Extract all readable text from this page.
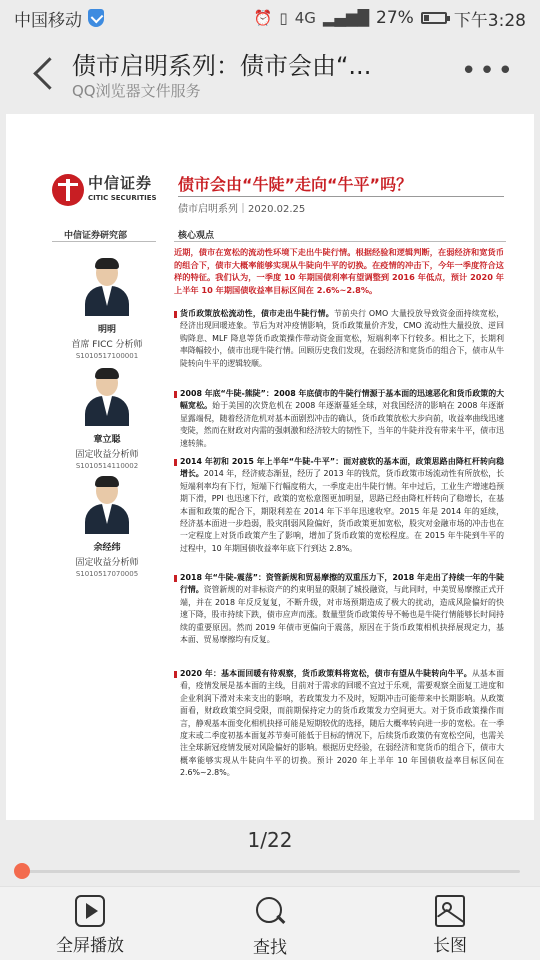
中国移动	⏰ ▯ 4G ▂▄▆█ 27% 下午3:28
债市启明系列：债市会由“...
QQ浏览器文件服务
•••
中信证券
CITIC SECURITIES
债市会由“牛陡”走向“牛平”吗？
债市启明系列｜2020.02.25
中信证券研究部	核心观点
明明
首席 FICC 分析师
S1010517100001
章立聪
固定收益分析师
S1010514110002
余经纬
固定收益分析师
S1010517070005
近期，债市在宽松的流动性环境下走出牛陡行情。根据经验和逻辑判断，在弱经济和宽货币的组合下，债市大概率能够实现从牛陡向牛平的切换。在疫情的冲击下，今年一季度符合这样的特征。我们认为，一季度 10 年期国债利率有望调整到 2016 年低点，预计 2020 年上半年 10 年期国债收益率目标区间在 2.6%~2.8%。
货币政策放松流动性，债市走出牛陡行情。节前央行 OMO 大量投放导致资金面持续宽松，经济出现回暖迹象。节后为对冲疫情影响，货币政策量价齐发，CMO 流动性大量投放、逆回购降息、MLF 降息等货币政策操作带动资金面宽松，短端利率下行较多。相比之下，长期利率降幅较小，债市出现牛陡行情。回顾历史我们发现，在弱经济和宽货币的组合下，债市从牛陡转向牛平的逻辑较顺。
2008 年底“牛陡-熊陡”：2008 年底债市的牛陡行情源于基本面的迅速恶化和货币政策的大幅宽松。始于美国的次贷危机在 2008 年逐渐蔓延全球，对我国经济的影响在 2008 年逐渐显露端倪，随着经济危机对基本面剧烈冲击的确认，货币政策放松大步向前，收益率曲线迅速变陡，然而在财政对内需的强刺激和经济较大的韧性下，当年的牛陡并没有带来牛平，债市迅速转熊。
2014 年初和 2015 年上半年“牛陡-牛平”：面对疲软的基本面，政策思路由降杠杆转向稳增长。2014 年，经济疲态渐显，经历了 2013 年的钱荒，货币政策市场流动性有所放松，长短端利率均有下行，短端下行幅度稍大，一季度走出牛陡行情。年中过后，工业生产增速趋预期下滑，PPI 也迅速下行，政策的宽松意图更加明显，思路已经由降杠杆转向了稳增长，在基本面和政策的配合下，期限利差在 2014 年下半年迅速收窄。2015 年是 2014 年的延续，经济基本面进一步趋弱，股灾削弱风险偏好，货币政策更加宽松，股灾对金融市场的冲击也在一定程度上对货币政策产生了影响，增加了货币政策的宽松程度。在 2015 年牛陡到牛平的过程中，10 年期国债收益率年底下行到达 2.8%。
2018 年“牛陡-震荡”：资管新规和贸易摩擦的双重压力下，2018 年走出了持续一年的牛陡行情。资管新规的对非标资产的约束明显的限制了城投融资，与此同时，中美贸易摩擦正式开端，并在 2018 年反反复复，不断升级，对市场预期造成了极大的扰动，造成风险偏好的快速下降，股市持续下跌，债市应声而涨。数量型货币政策传导不畅也是牛陡行情能够长时间持续的重要原因。然而 2019 年债市更偏向于震荡，原因在于货币政策相机抉择展现定力，基本面、贸易摩擦均有反复。
2020 年：基本面回暖有待观察，货币政策料将宽松，债市有望从牛陡转向牛平。从基本面看，疫情发展是基本面的主线，目前对于需求的回暖不宜过于乐观，需要观察全面复工进度和企业利润下滑对未来支出的影响，若政策发力不及时，短期冲击可能带来中长期影响。从政策面看，财政政策空间受限，而前期保持定力的货币政策发力空间更大。对于货币政策操作而言，静观基本面变化相机抉择可能是短期较优的选择，随后大概率转向进一步的宽松。在一季度末或二季度初基本面复苏节奏可能低于目标的情况下，后续货币政策仍有宽松空间，也需关注全球新冠疫情发展对风险偏好的影响。根据历史经验，在弱经济和宽货币的组合下，债市大概率能够实现从牛陡向牛平的切换。预计 2020 年上半年 10 年国债收益率目标区间在 2.6%~2.8%。
1/22
全屏播放	查找	长图
